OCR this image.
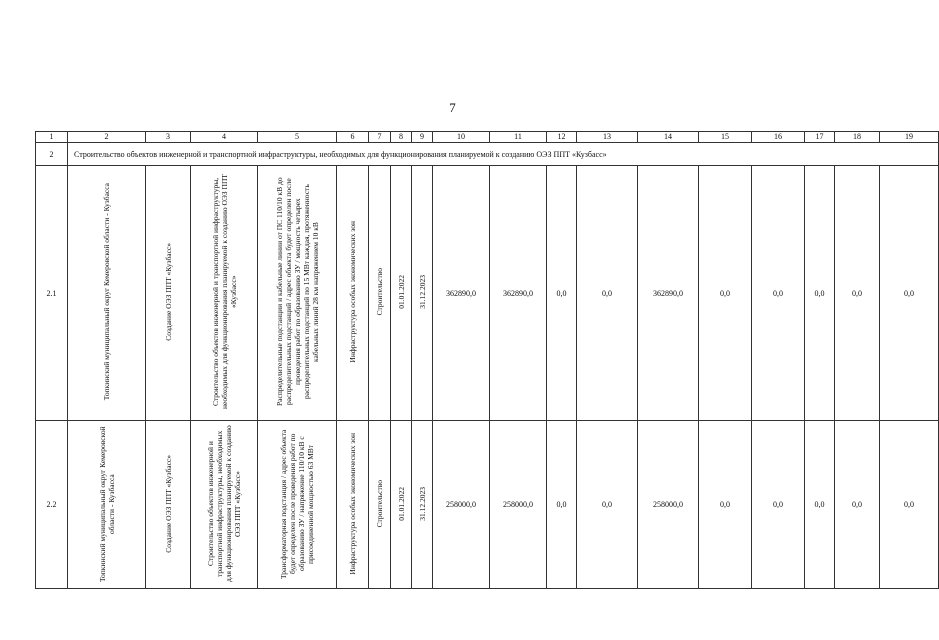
7
1	2	3	4	5	6	7	8	9	10	11	12	13	14	15	16	17	18	19
2	Строительство объектов инженерной и транспортной инфраструктуры, необходимых для функционирования планируемой к созданию ОЭЗ ППТ «Кузбасс»																	
2.1	Топкинский муниципальный округ Кемеровской области - Кузбасса	Создание ОЭЗ ППТ «Кузбасс»	Строительство объектов инженерной и транспортной инфраструктуры, необходимых для функционирования планируемой к созданию ОЭЗ ППТ «Кузбасс»	Распределительные подстанции и кабельные линии от ПС 110/10 кВ до распределительных подстанций / адрес объекта будет определен после проведения работ по образованию ЗУ / мощность четырех распределительных подстанций по 15 МВт каждая, протяженность кабельных линий 28 км напряжением 10 кВ	Инфраструктура особых экономических зон	Строительство	01.01.2022	31.12.2023	362890,0	362890,0	0,0	0,0	362890,0	0,0	0,0	0,0	0,0	0,0
2.2	Топкинский муниципальный округ Кемеровской области - Кузбасса	Создание ОЭЗ ППТ «Кузбасс»	Строительство объектов инженерной и транспортной инфраструктуры, необходимых для функционирования планируемой к созданию ОЭЗ ППТ «Кузбасс»	Трансформаторная подстанция / адрес объекта будет определен после проведения работ по образованию ЗУ / напряжение 110/10 кВ с присоединенной мощностью 63 МВт	Инфраструктура особых экономических зон	Строительство	01.01.2022	31.12.2023	258000,0	258000,0	0,0	0,0	258000,0	0,0	0,0	0,0	0,0	0,0
